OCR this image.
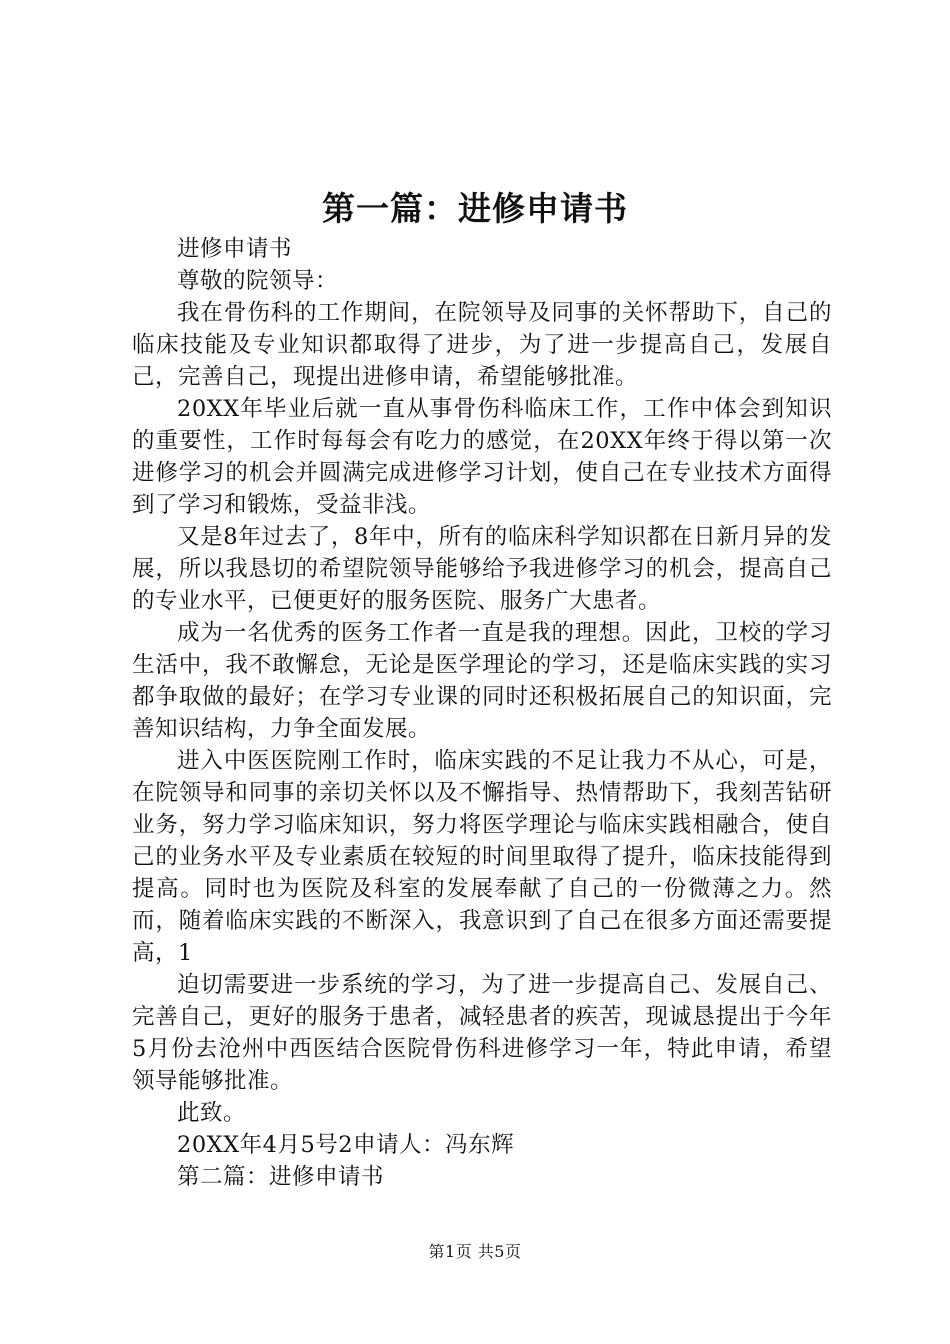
第一篇：进修申请书

进修申请书

尊敬的院领导：

我在骨伤科的工作期间，在院领导及同事的关怀帮助下，自己的临床技能及专业知识都取得了进步，为了进一步提高自己，发展自己，完善自己，现提出进修申请，希望能够批准。

20XX年毕业后就一直从事骨伤科临床工作，工作中体会到知识的重要性，工作时每每会有吃力的感觉，在20XX年终于得以第一次进修学习的机会并圆满完成进修学习计划，使自己在专业技术方面得到了学习和锻炼，受益非浅。

又是8年过去了，8年中，所有的临床科学知识都在日新月异的发展，所以我恳切的希望院领导能够给予我进修学习的机会，提高自己的专业水平，已便更好的服务医院、服务广大患者。

成为一名优秀的医务工作者一直是我的理想。因此，卫校的学习生活中，我不敢懈怠，无论是医学理论的学习，还是临床实践的实习都争取做的最好；在学习专业课的同时还积极拓展自己的知识面，完善知识结构，力争全面发展。

进入中医医院刚工作时，临床实践的不足让我力不从心，可是，在院领导和同事的亲切关怀以及不懈指导、热情帮助下，我刻苦钻研业务，努力学习临床知识，努力将医学理论与临床实践相融合，使自己的业务水平及专业素质在较短的时间里取得了提升，临床技能得到提高。同时也为医院及科室的发展奉献了自己的一份微薄之力。然而，随着临床实践的不断深入，我意识到了自己在很多方面还需要提高，1

迫切需要进一步系统的学习，为了进一步提高自己、发展自己、完善自己，更好的服务于患者，减轻患者的疾苦，现诚恳提出于今年5月份去沧州中西医结合医院骨伤科进修学习一年，特此申请，希望领导能够批准。

此致。

20XX年4月5号2申请人：冯东辉

第二篇：进修申请书

第1页 共5页
